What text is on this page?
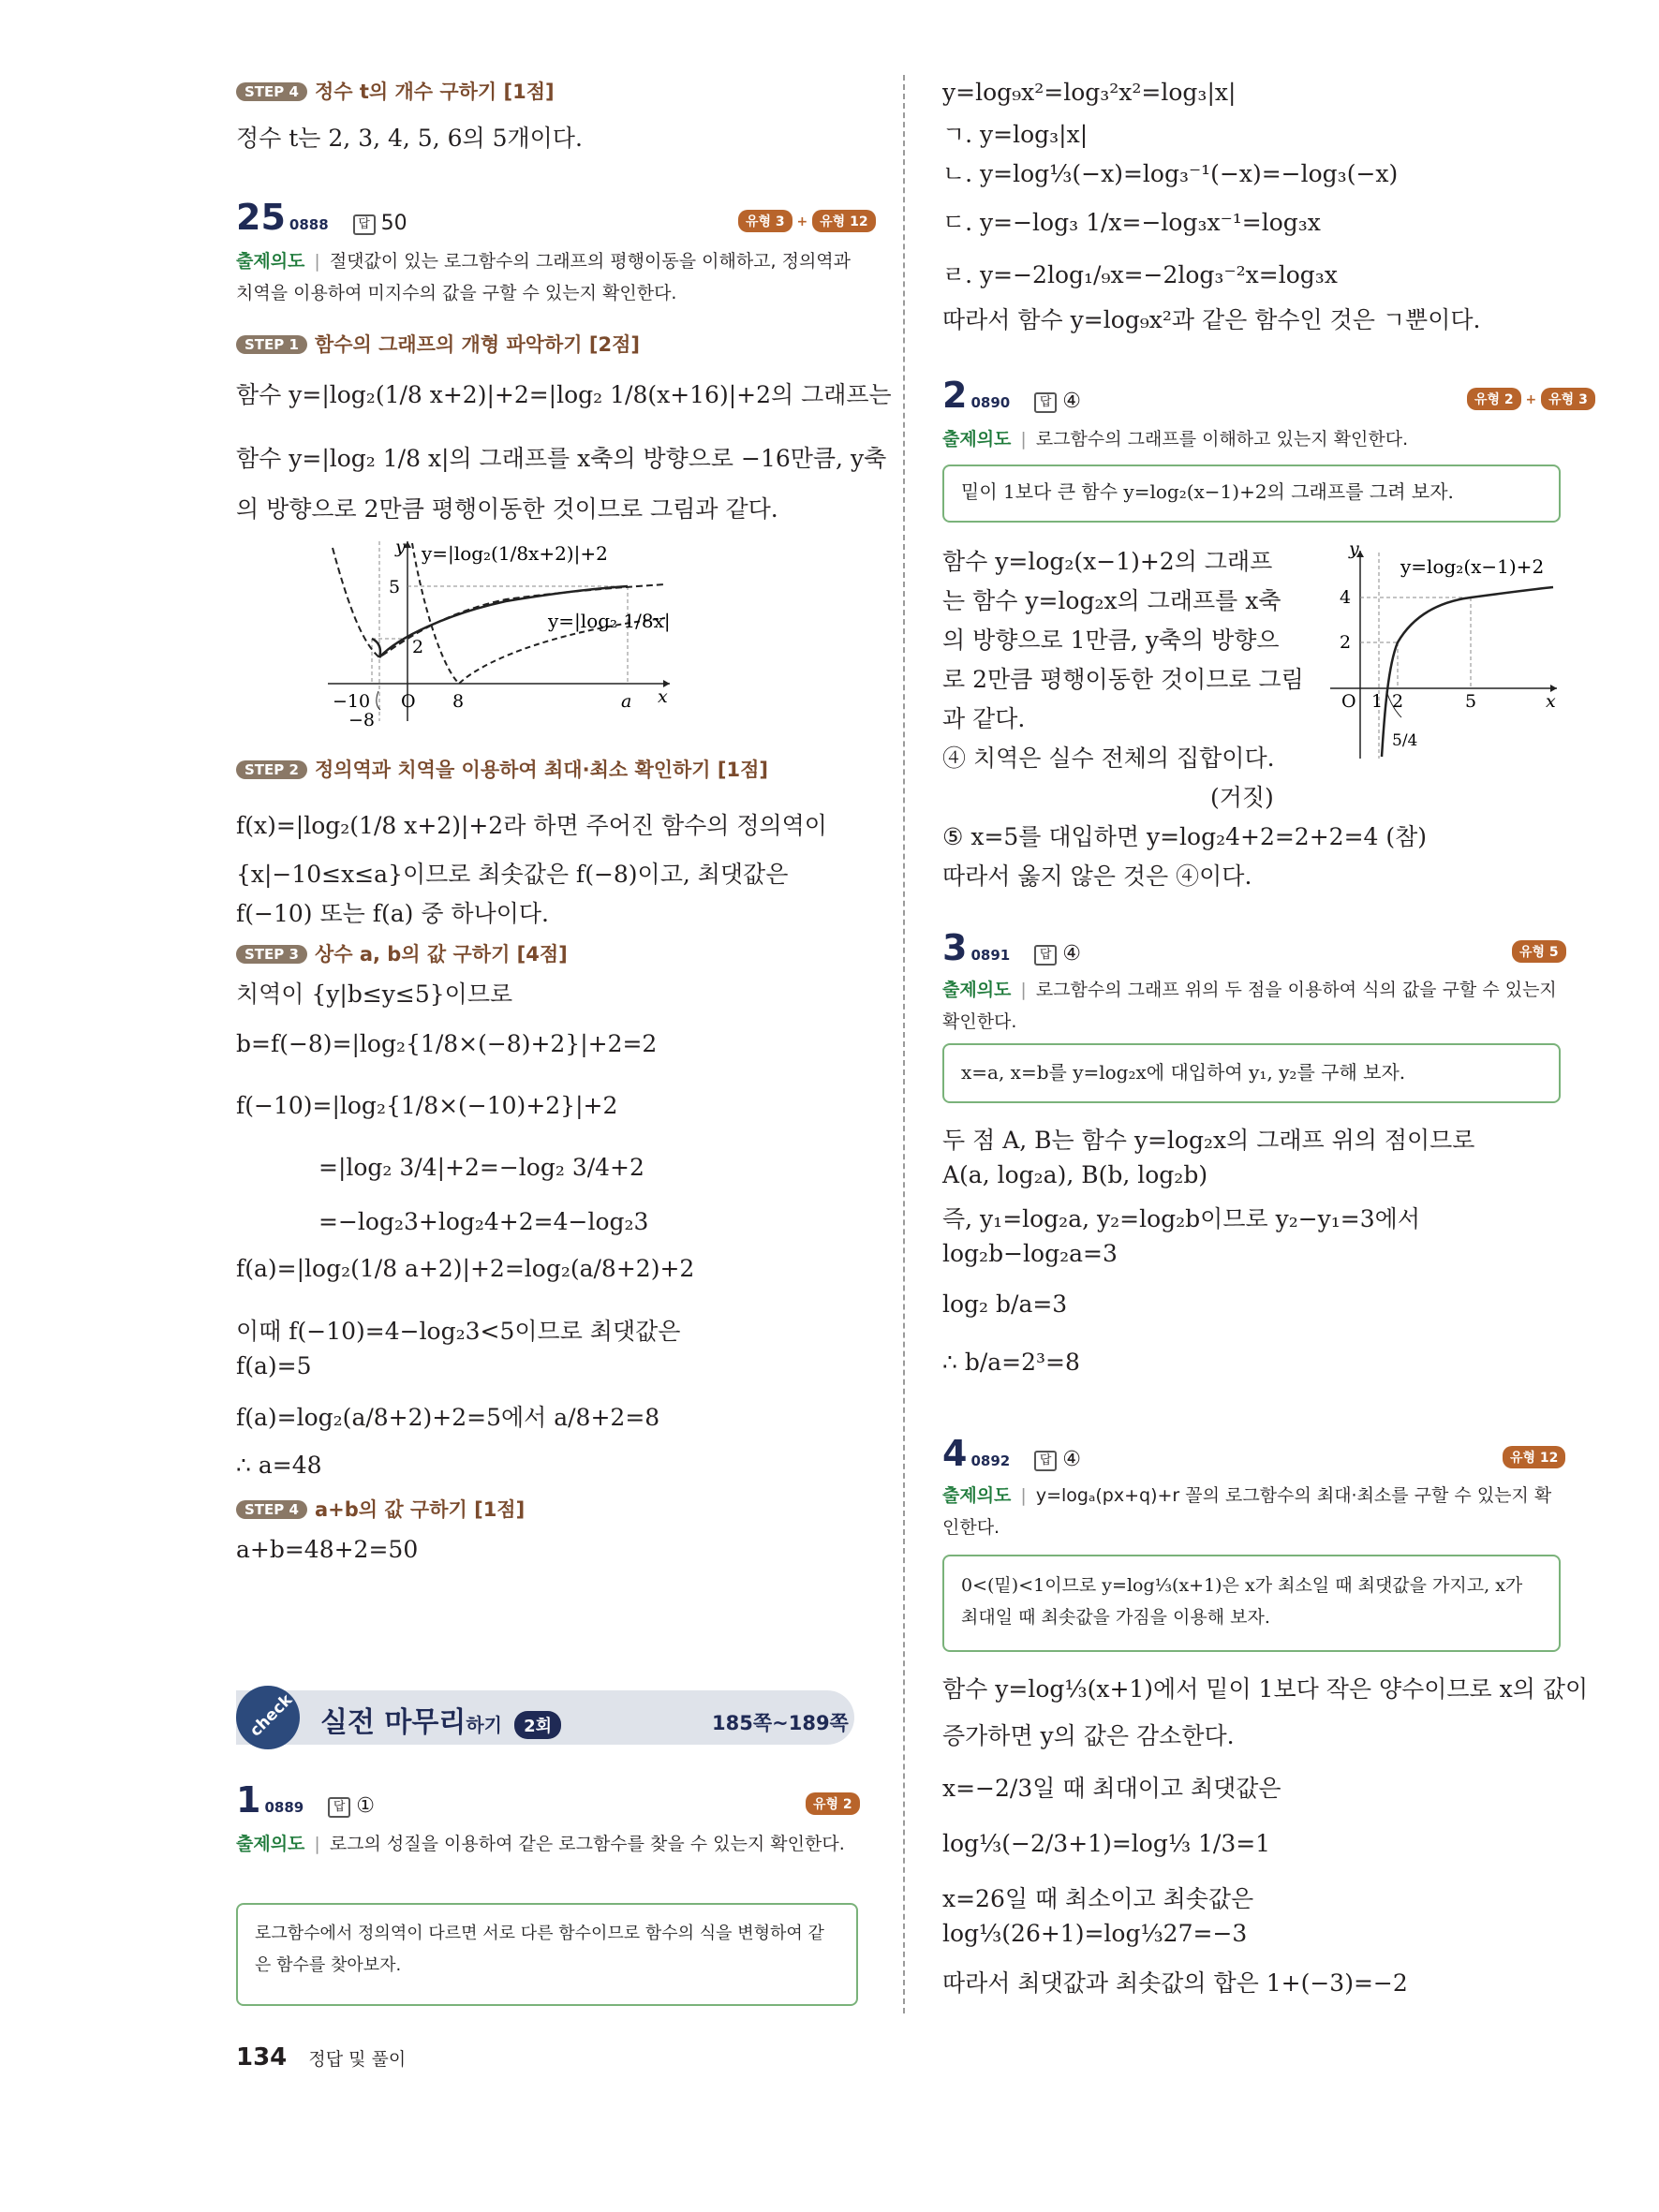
STEP 4 정수 t의 개수 구하기 [1점]
정수 t는 2, 3, 4, 5, 6의 5개이다.
25 0888 답 50	유형 3 + 유형 12
출제의도 | 절댓값이 있는 로그함수의 그래프의 평행이동을 이해하고, 정의역과 치역을 이용하여 미지수의 값을 구할 수 있는지 확인한다.
STEP 1 함수의 그래프의 개형 파악하기 [2점]
함수 y=|log₂(1/8 x+2)|+2=|log₂ 1/8(x+16)|+2의 그래프는
함수 y=|log₂ 1/8 x|의 그래프를 x축의 방향으로 −16만큼, y축
의 방향으로 2만큼 평행이동한 것이므로 그림과 같다.
y=|log₂(1/8x+2)|+2
y=|log₂ 1/8x|
−10 O 8	a
−8
2
5
x
y
STEP 2 정의역과 치역을 이용하여 최대·최소 확인하기 [1점]
f(x)=|log₂(1/8 x+2)|+2라 하면 주어진 함수의 정의역이
{x|−10≤x≤a}이므로 최솟값은 f(−8)이고, 최댓값은
f(−10) 또는 f(a) 중 하나이다.
STEP 3 상수 a, b의 값 구하기 [4점]
치역이 {y|b≤y≤5}이므로
b=f(−8)=|log₂{1/8×(−8)+2}|+2=2
f(−10)=|log₂{1/8×(−10)+2}|+2
=|log₂ 3/4|+2=−log₂ 3/4+2
=−log₂3+log₂4+2=4−log₂3
f(a)=|log₂(1/8 a+2)|+2=log₂(a/8+2)+2
이때 f(−10)=4−log₂3<5이므로 최댓값은
f(a)=5
f(a)=log₂(a/8+2)+2=5에서 a/8+2=8
∴ a=48
STEP 4 a+b의 값 구하기 [1점]
a+b=48+2=50
check 실전 마무리하기 2회	185쪽~189쪽
1 0889 답 ①	유형 2
출제의도 | 로그의 성질을 이용하여 같은 로그함수를 찾을 수 있는지 확인한다.
로그함수에서 정의역이 다르면 서로 다른 함수이므로 함수의 식을 변형하여 같은 함수를 찾아보자.
134 정답 및 풀이
y=log₉x²=log₃²x²=log₃|x|
ㄱ. y=log₃|x|
ㄴ. y=log⅓(−x)=log₃⁻¹(−x)=−log₃(−x)
ㄷ. y=−log₃ 1/x=−log₃x⁻¹=log₃x
ㄹ. y=−2log₁/₉x=−2log₃⁻²x=log₃x
따라서 함수 y=log₉x²과 같은 함수인 것은 ㄱ뿐이다.
2 0890 답 ④	유형 2 + 유형 3
출제의도 | 로그함수의 그래프를 이해하고 있는지 확인한다.
밑이 1보다 큰 함수 y=log₂(x−1)+2의 그래프를 그려 보자.
함수 y=log₂(x−1)+2의 그래프
는 함수 y=log₂x의 그래프를 x축
의 방향으로 1만큼, y축의 방향으
로 2만큼 평행이동한 것이므로 그림
과 같다.
④ 치역은 실수 전체의 집합이다.
(거짓)
⑤ x=5를 대입하면 y=log₂4+2=2+2=4 (참)
따라서 옳지 않은 것은 ④이다.
y=log₂(x−1)+2
O 1 2	5
2
4
x
y
5/4
3 0891 답 ④	유형 5
출제의도 | 로그함수의 그래프 위의 두 점을 이용하여 식의 값을 구할 수 있는지 확인한다.
x=a, x=b를 y=log₂x에 대입하여 y₁, y₂를 구해 보자.
두 점 A, B는 함수 y=log₂x의 그래프 위의 점이므로
A(a, log₂a), B(b, log₂b)
즉, y₁=log₂a, y₂=log₂b이므로 y₂−y₁=3에서
log₂b−log₂a=3
log₂ b/a=3
∴ b/a=2³=8
4 0892 답 ④	유형 12
출제의도 | y=logₐ(px+q)+r 꼴의 로그함수의 최대·최소를 구할 수 있는지 확인한다.
0<(밑)<1이므로 y=log⅓(x+1)은 x가 최소일 때 최댓값을 가지고, x가 최대일 때 최솟값을 가짐을 이용해 보자.
함수 y=log⅓(x+1)에서 밑이 1보다 작은 양수이므로 x의 값이
증가하면 y의 값은 감소한다.
x=−2/3일 때 최대이고 최댓값은
log⅓(−2/3+1)=log⅓ 1/3=1
x=26일 때 최소이고 최솟값은
log⅓(26+1)=log⅓27=−3
따라서 최댓값과 최솟값의 합은 1+(−3)=−2
